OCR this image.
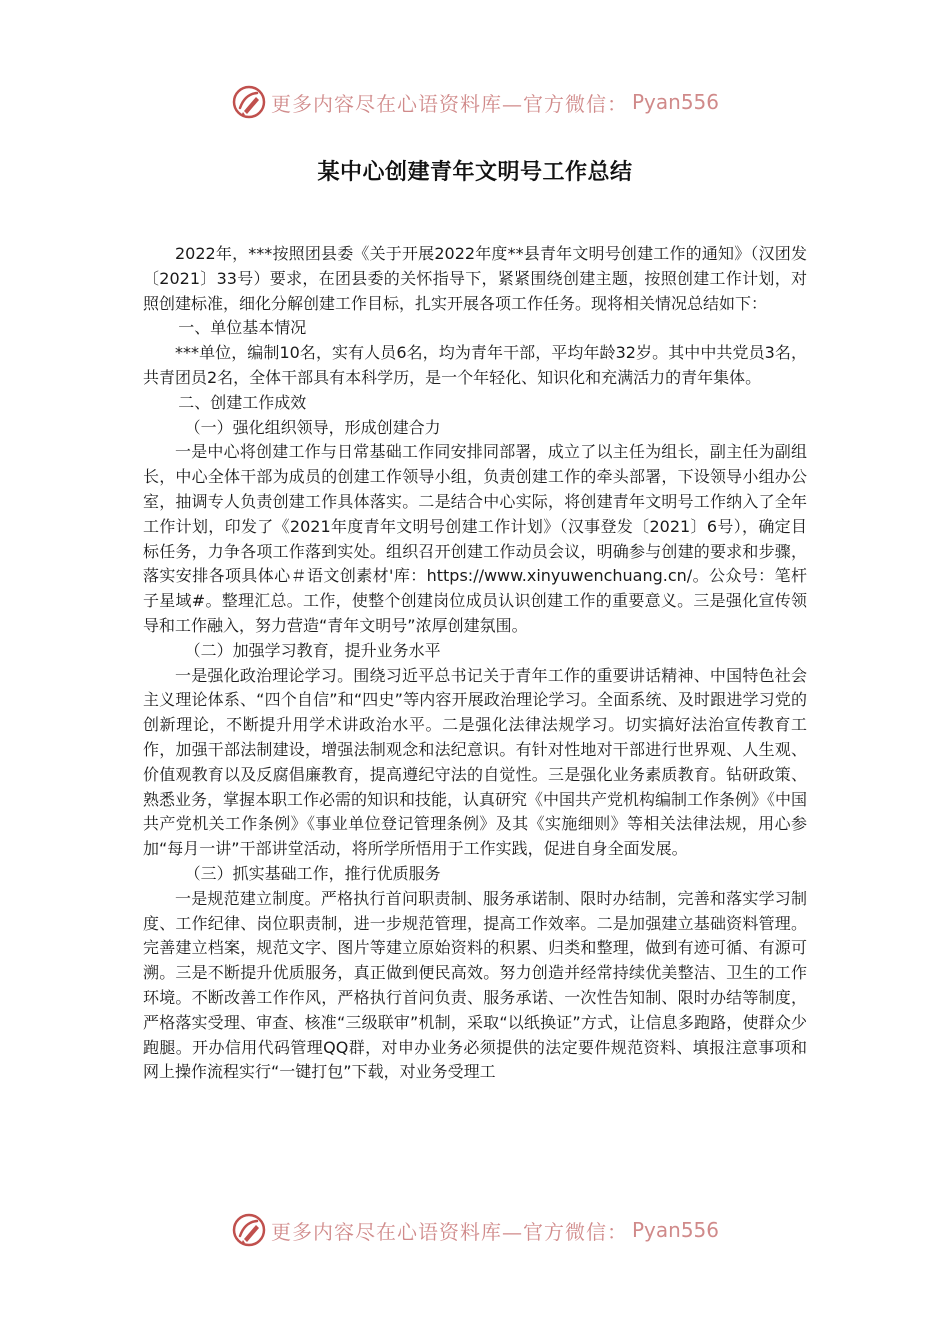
更多内容尽在心语资料库—官方微信： Pyan556
某中心创建青年文明号工作总结

2022年，***按照团县委《关于开展2022年度**县青年文明号创建工作的通知》（汉团发〔2021〕33号）要求，在团县委的关怀指导下，紧紧围绕创建主题，按照创建工作计划，对照创建标准，细化分解创建工作目标，扎实开展各项工作任务。现将相关情况总结如下：

一、单位基本情况

***单位，编制10名，实有人员6名，均为青年干部，平均年龄32岁。其中中共党员3名，共青团员2名，全体干部具有本科学历，是一个年轻化、知识化和充满活力的青年集体。

二、创建工作成效

（一）强化组织领导，形成创建合力

一是中心将创建工作与日常基础工作同安排同部署，成立了以主任为组长，副主任为副组长，中心全体干部为成员的创建工作领导小组，负责创建工作的牵头部署，下设领导小组办公室，抽调专人负责创建工作具体落实。二是结合中心实际，将创建青年文明号工作纳入了全年工作计划，印发了《2021年度青年文明号创建工作计划》（汉事登发〔2021〕6号），确定目标任务，力争各项工作落到实处。组织召开创建工作动员会议，明确参与创建的要求和步骤，落实安排各项具体心＃语文创素材'库：https://www.xinyuwenchuang.cn/。公众号：笔杆子星域#。整理汇总。工作，使整个创建岗位成员认识创建工作的重要意义。三是强化宣传领导和工作融入，努力营造“青年文明号”浓厚创建氛围。

（二）加强学习教育，提升业务水平

一是强化政治理论学习。围绕习近平总书记关于青年工作的重要讲话精神、中国特色社会主义理论体系、“四个自信”和“四史”等内容开展政治理论学习。全面系统、及时跟进学习党的创新理论，不断提升用学术讲政治水平。二是强化法律法规学习。切实搞好法治宣传教育工作，加强干部法制建设，增强法制观念和法纪意识。有针对性地对干部进行世界观、人生观、价值观教育以及反腐倡廉教育，提高遵纪守法的自觉性。三是强化业务素质教育。钻研政策、熟悉业务，掌握本职工作必需的知识和技能，认真研究《中国共产党机构编制工作条例》《中国共产党机关工作条例》《事业单位登记管理条例》及其《实施细则》等相关法律法规，用心参加“每月一讲”干部讲堂活动，将所学所悟用于工作实践，促进自身全面发展。

（三）抓实基础工作，推行优质服务

一是规范建立制度。严格执行首问职责制、服务承诺制、限时办结制，完善和落实学习制度、工作纪律、岗位职责制，进一步规范管理，提高工作效率。二是加强建立基础资料管理。完善建立档案，规范文字、图片等建立原始资料的积累、归类和整理，做到有迹可循、有源可溯。三是不断提升优质服务，真正做到便民高效。努力创造并经常持续优美整洁、卫生的工作环境。不断改善工作作风，严格执行首问负责、服务承诺、一次性告知制、限时办结等制度，严格落实受理、审查、核准“三级联审”机制，采取“以纸换证”方式，让信息多跑路，使群众少跑腿。开办信用代码管理QQ群，对申办业务必须提供的法定要件规范资料、填报注意事项和网上操作流程实行“一键打包”下载，对业务受理工

更多内容尽在心语资料库—官方微信： Pyan556
